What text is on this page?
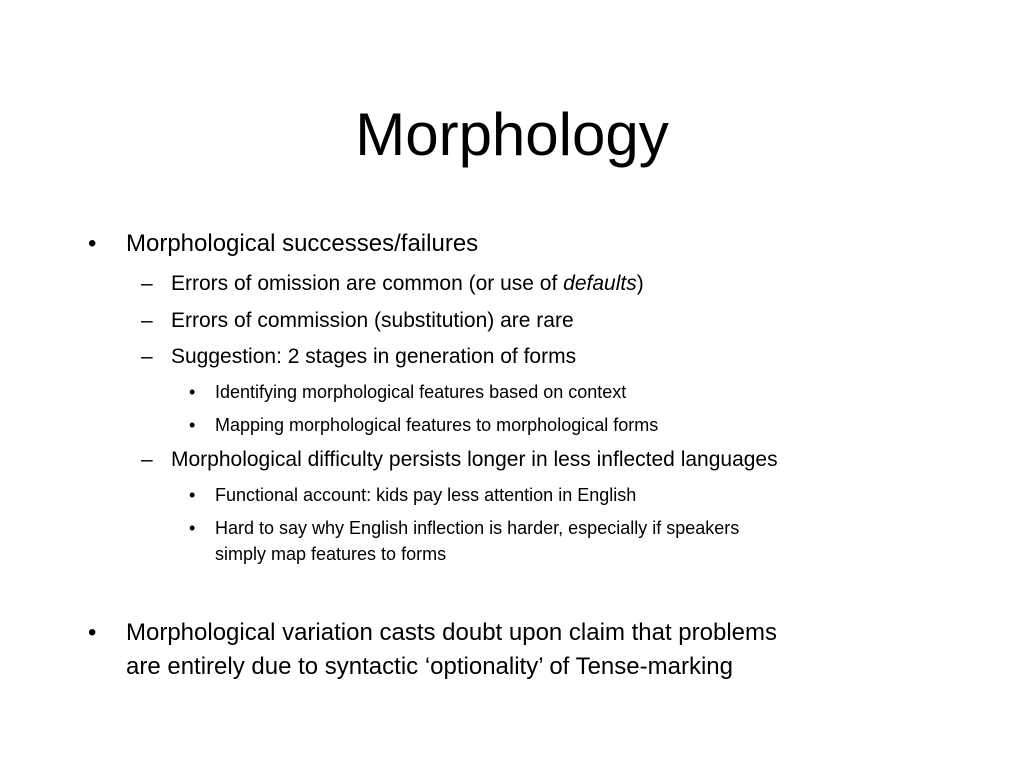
Morphology
• Morphological successes/failures
– Errors of omission are common (or use of defaults)
– Errors of commission (substitution) are rare
– Suggestion: 2 stages in generation of forms
• Identifying morphological features based on context
• Mapping morphological features to morphological forms
– Morphological difficulty persists longer in less inflected languages
• Functional account: kids pay less attention in English
• Hard to say why English inflection is harder, especially if speakers
simply map features to forms
• Morphological variation casts doubt upon claim that problems
are entirely due to syntactic ‘optionality’ of Tense-marking
